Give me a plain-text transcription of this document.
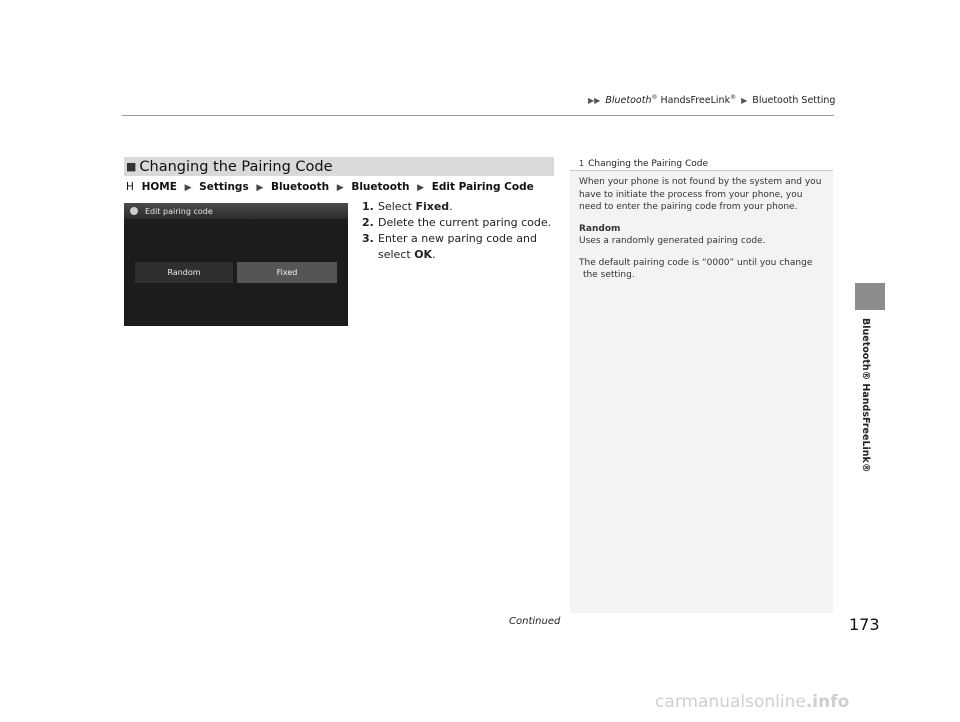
▶▶ Bluetooth® HandsFreeLink® ▶ Bluetooth Setting
■ Changing the Pairing Code
H HOME ▶ Settings ▶ Bluetooth ▶ Bluetooth ▶ Edit Pairing Code
Edit pairing code
Random	Fixed
1. Select Fixed.
2. Delete the current paring code.
3. Enter a new paring code and
select OK.
1 Changing the Pairing Code

When your phone is not found by the system and you have to initiate the process from your phone, you need to enter the pairing code from your phone.

Random
Uses a randomly generated pairing code.

The default pairing code is “0000” until you change
the setting.

Bluetooth® HandsFreeLink®
Continued	173
carmanualsonline.info
